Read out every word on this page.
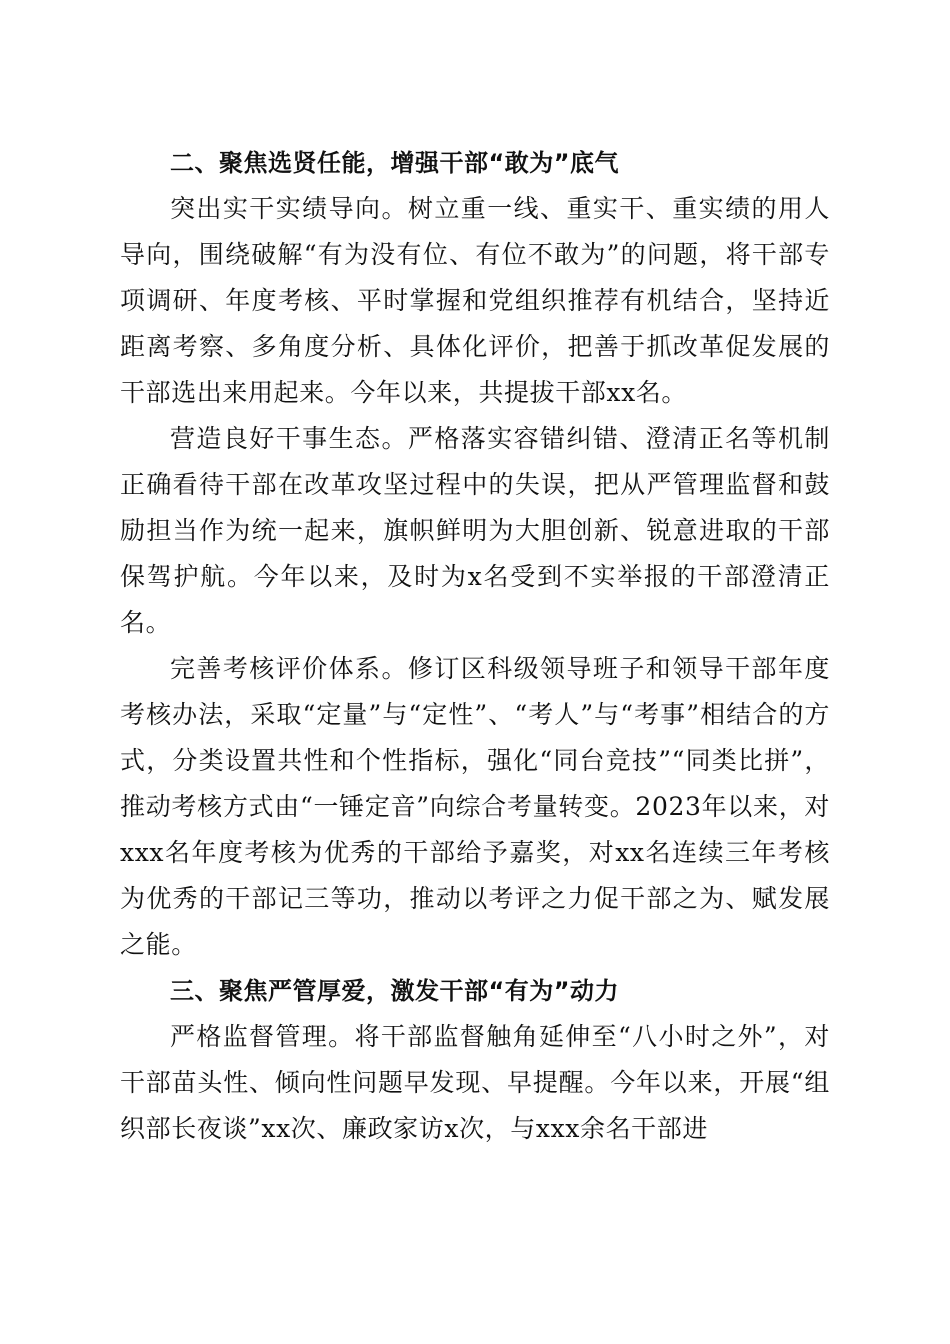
二、聚焦选贤任能，增强干部“敢为”底气

突出实干实绩导向。树立重一线、重实干、重实绩的用人导向，围绕破解“有为没有位、有位不敢为”的问题，将干部专项调研、年度考核、平时掌握和党组织推荐有机结合，坚持近距离考察、多角度分析、具体化评价，把善于抓改革促发展的干部选出来用起来。今年以来，共提拔干部xx名。

营造良好干事生态。严格落实容错纠错、澄清正名等机制正确看待干部在改革攻坚过程中的失误，把从严管理监督和鼓励担当作为统一起来，旗帜鲜明为大胆创新、锐意进取的干部保驾护航。今年以来，及时为x名受到不实举报的干部澄清正名。

完善考核评价体系。修订区科级领导班子和领导干部年度考核办法，采取“定量”与“定性”、“考人”与“考事”相结合的方式，分类设置共性和个性指标，强化“同台竞技”“同类比拼”，推动考核方式由“一锤定音”向综合考量转变。2023年以来，对xxx名年度考核为优秀的干部给予嘉奖，对xx名连续三年考核为优秀的干部记三等功，推动以考评之力促干部之为、赋发展之能。

三、聚焦严管厚爱，激发干部“有为”动力

严格监督管理。将干部监督触角延伸至“八小时之外”，对干部苗头性、倾向性问题早发现、早提醒。今年以来，开展“组织部长夜谈”xx次、廉政家访x次，与xxx余名干部进
